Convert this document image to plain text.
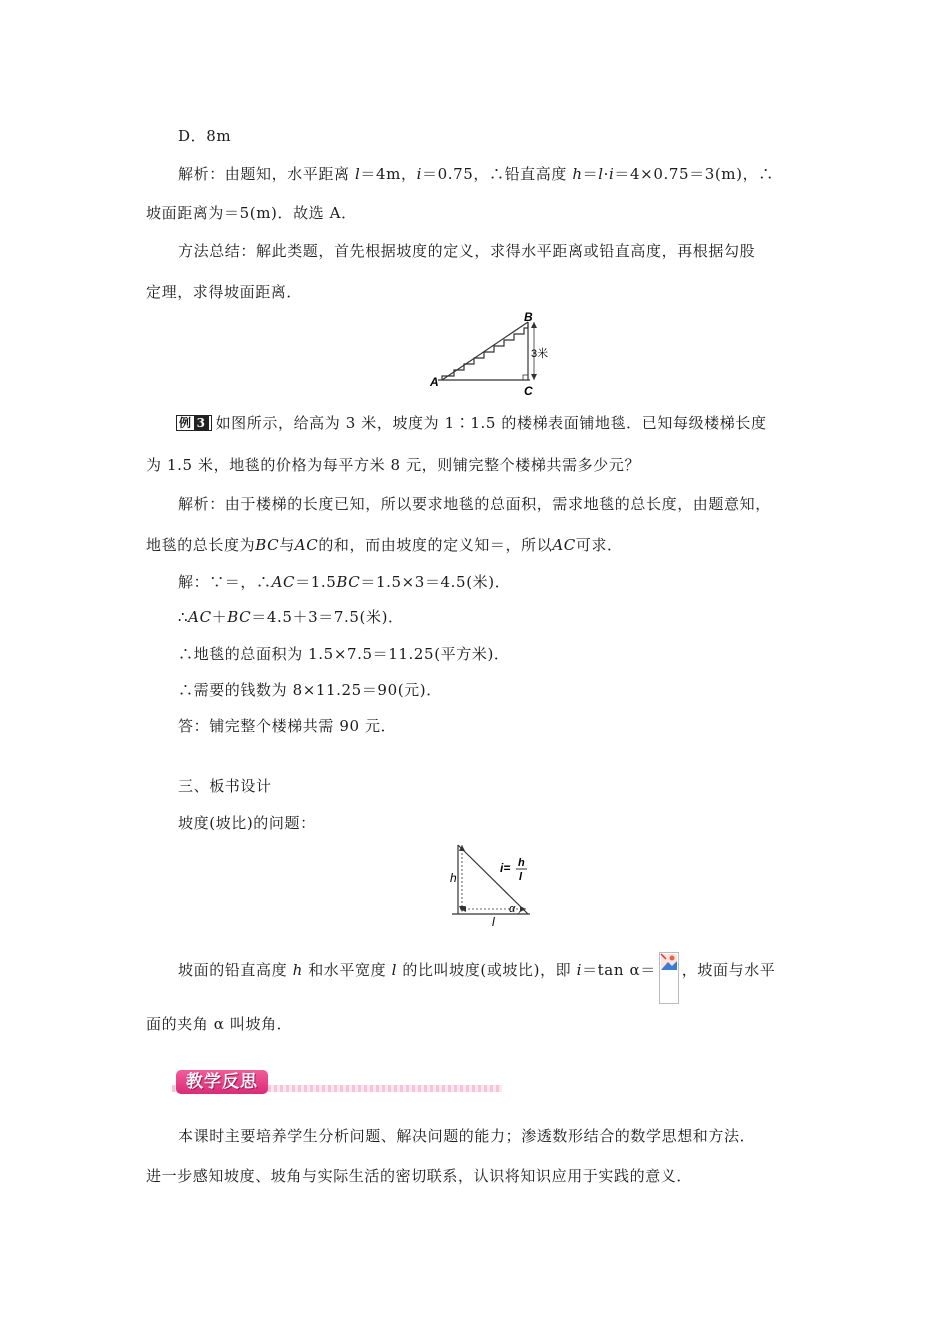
D．8m
解析：由题知，水平距离 l＝4m，i＝0.75，∴铅直高度 h＝l·i＝4×0.75＝3(m)，∴
坡面距离为＝5(m)．故选 A．
方法总结：解此类题，首先根据坡度的定义，求得水平距离或铅直高度，再根据勾股
定理，求得坡面距离．
A
B
C
3米
例 3 如图所示，给高为 3 米，坡度为 1∶1.5 的楼梯表面铺地毯．已知每级楼梯长度
为 1.5 米，地毯的价格为每平方米 8 元，则铺完整个楼梯共需多少元？
解析：由于楼梯的长度已知，所以要求地毯的总面积，需求地毯的总长度，由题意知，
地毯的总长度为BC与AC的和，而由坡度的定义知＝，所以AC可求．
解：∵＝，∴AC＝1.5BC＝1.5×3＝4.5(米)．
∴AC＋BC＝4.5＋3＝7.5(米)．
∴地毯的总面积为 1.5×7.5＝11.25(平方米)．
∴需要的钱数为 8×11.25＝90(元)．
答：铺完整个楼梯共需 90 元．
三、板书设计
坡度(坡比)的问题：
h
l
α
i= h
l
坡面的铅直高度 h 和水平宽度 l 的比叫坡度(或坡比)，即 i＝tan α＝ ，坡面与水平
面的夹角 α 叫坡角．
教学反思
本课时主要培养学生分析问题、解决问题的能力；渗透数形结合的数学思想和方法．
进一步感知坡度、坡角与实际生活的密切联系，认识将知识应用于实践的意义．
